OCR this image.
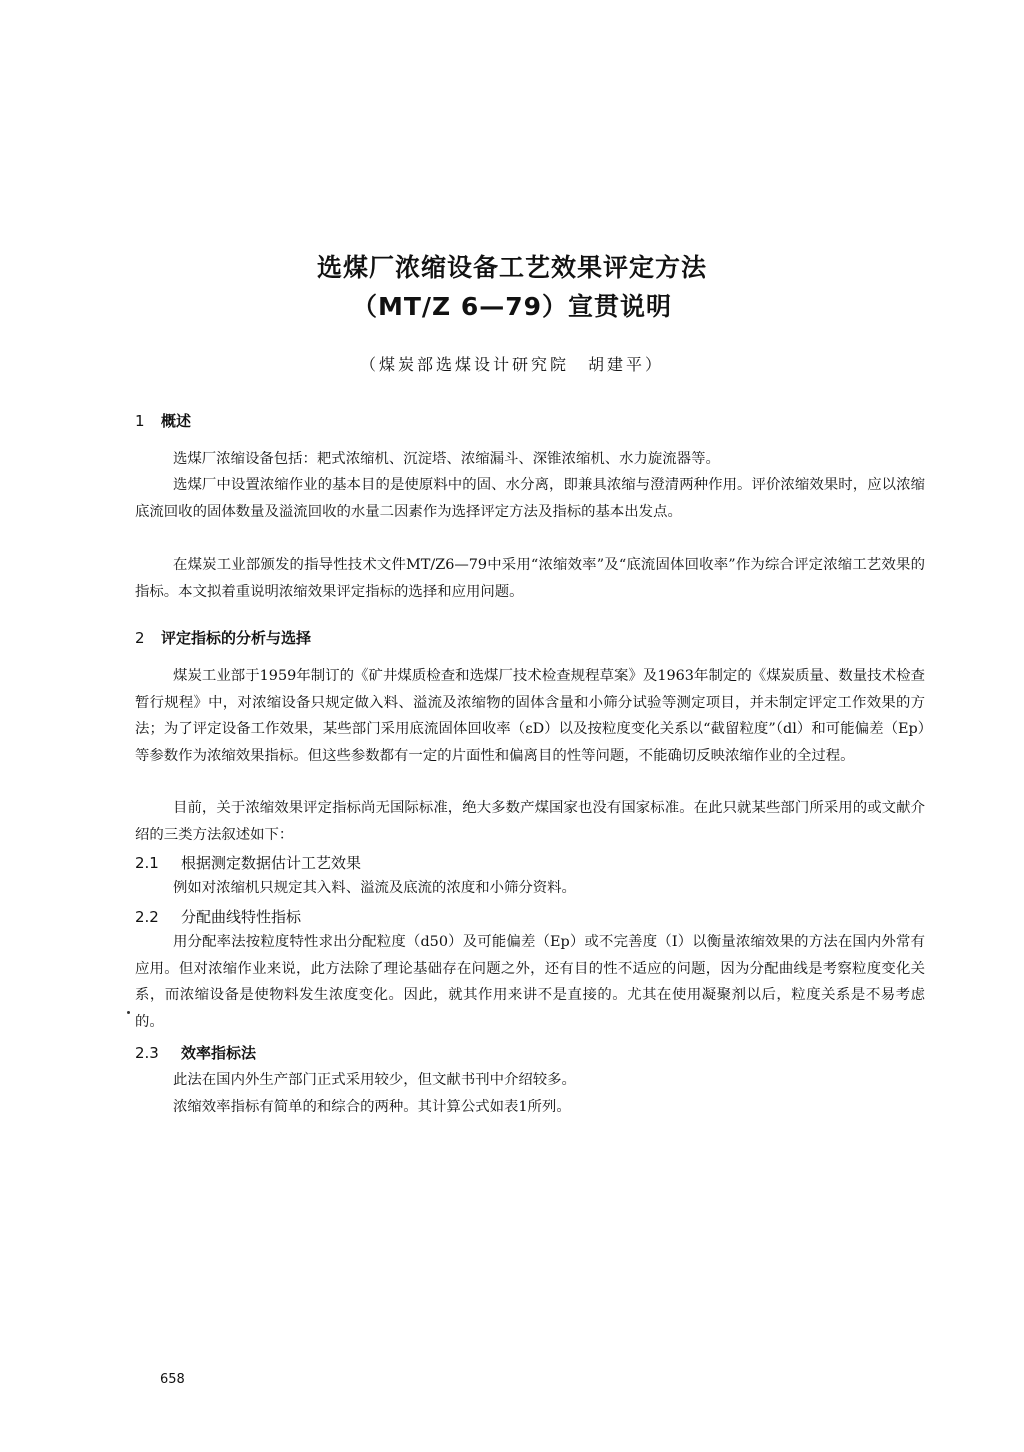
选煤厂浓缩设备工艺效果评定方法
（MT/Z 6—79）宣贯说明
（煤炭部选煤设计研究院　胡建平）
1 概述
选煤厂浓缩设备包括：耙式浓缩机、沉淀塔、浓缩漏斗、深锥浓缩机、水力旋流器等。
选煤厂中设置浓缩作业的基本目的是使原料中的固、水分离，即兼具浓缩与澄清两种作用。评价浓缩效果时，应以浓缩底流回收的固体数量及溢流回收的水量二因素作为选择评定方法及指标的基本出发点。
在煤炭工业部颁发的指导性技术文件MT/Z6—79中采用“浓缩效率”及“底流固体回收率”作为综合评定浓缩工艺效果的指标。本文拟着重说明浓缩效果评定指标的选择和应用问题。
2 评定指标的分析与选择
煤炭工业部于1959年制订的《矿井煤质检查和选煤厂技术检查规程草案》及1963年制定的《煤炭质量、数量技术检查暂行规程》中，对浓缩设备只规定做入料、溢流及浓缩物的固体含量和小筛分试验等测定项目，并未制定评定工作效果的方法；为了评定设备工作效果，某些部门采用底流固体回收率（εD）以及按粒度变化关系以“截留粒度”（dl）和可能偏差（Ep）等参数作为浓缩效果指标。但这些参数都有一定的片面性和偏离目的性等问题，不能确切反映浓缩作业的全过程。
目前，关于浓缩效果评定指标尚无国际标准，绝大多数产煤国家也没有国家标准。在此只就某些部门所采用的或文献介绍的三类方法叙述如下：
2.1 根据测定数据估计工艺效果
例如对浓缩机只规定其入料、溢流及底流的浓度和小筛分资料。
2.2 分配曲线特性指标
用分配率法按粒度特性求出分配粒度（d50）及可能偏差（Ep）或不完善度（I）以衡量浓缩效果的方法在国内外常有应用。但对浓缩作业来说，此方法除了理论基础存在问题之外，还有目的性不适应的问题，因为分配曲线是考察粒度变化关系，而浓缩设备是使物料发生浓度变化。因此，就其作用来讲不是直接的。尤其在使用凝聚剂以后，粒度关系是不易考虑的。
2.3 效率指标法
此法在国内外生产部门正式采用较少，但文献书刊中介绍较多。
浓缩效率指标有简单的和综合的两种。其计算公式如表1所列。
658
